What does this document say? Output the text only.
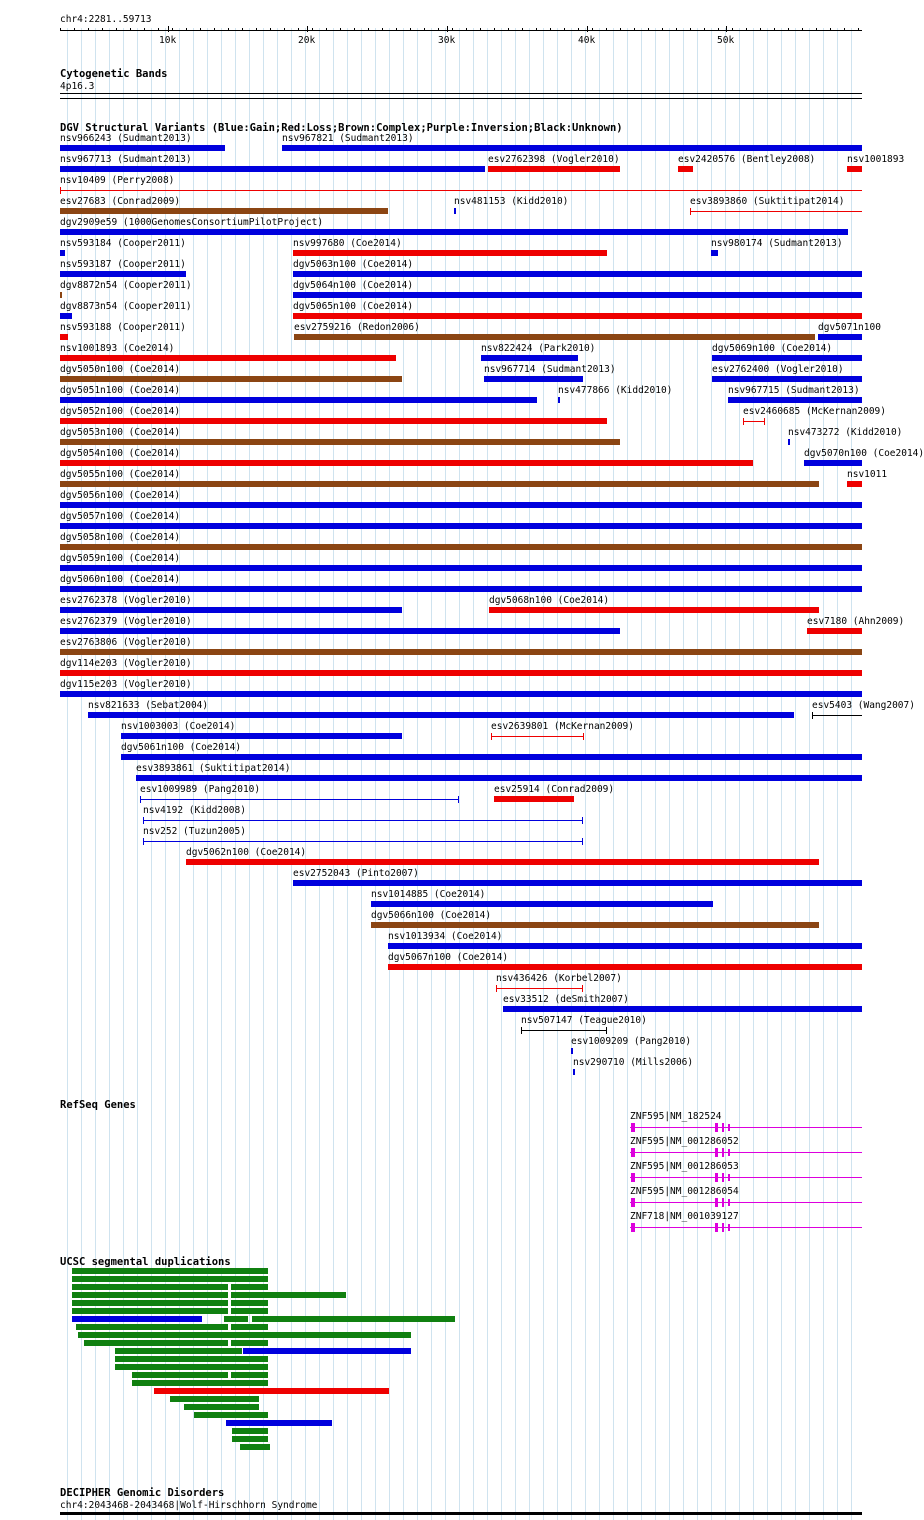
chr4:2281..59713
10k	20k	30k	40k	50k
Cytogenetic Bands
4p16.3
DGV Structural Variants (Blue:Gain;Red:Loss;Brown:Complex;Purple:Inversion;Black:Unknown)
nsv966243 (Sudmant2013)	nsv967821 (Sudmant2013)
nsv967713 (Sudmant2013)	esv2762398 (Vogler2010)	esv2420576 (Bentley2008)	nsv1001893
nsv10409 (Perry2008)
esv27683 (Conrad2009)	nsv481153 (Kidd2010)	esv3893860 (Suktitipat2014)
dgv2909e59 (1000GenomesConsortiumPilotProject)
nsv593184 (Cooper2011)	nsv997680 (Coe2014)	nsv980174 (Sudmant2013)
nsv593187 (Cooper2011)	dgv5063n100 (Coe2014)
dgv8872n54 (Cooper2011)	dgv5064n100 (Coe2014)
dgv8873n54 (Cooper2011)	dgv5065n100 (Coe2014)
nsv593188 (Cooper2011)	esv2759216 (Redon2006)	dgv5071n100
nsv1001893 (Coe2014)	nsv822424 (Park2010)	dgv5069n100 (Coe2014)
dgv5050n100 (Coe2014)	nsv967714 (Sudmant2013)	esv2762400 (Vogler2010)
dgv5051n100 (Coe2014)	nsv477866 (Kidd2010)	nsv967715 (Sudmant2013)
dgv5052n100 (Coe2014)	esv2460685 (McKernan2009)
dgv5053n100 (Coe2014)	nsv473272 (Kidd2010)
dgv5054n100 (Coe2014)	dgv5070n100 (Coe2014)
dgv5055n100 (Coe2014)	nsv1011
dgv5056n100 (Coe2014)
dgv5057n100 (Coe2014)
dgv5058n100 (Coe2014)
dgv5059n100 (Coe2014)
dgv5060n100 (Coe2014)
esv2762378 (Vogler2010)	dgv5068n100 (Coe2014)
esv2762379 (Vogler2010)	esv7180 (Ahn2009)
esv2763806 (Vogler2010)
dgv114e203 (Vogler2010)
dgv115e203 (Vogler2010)
nsv821633 (Sebat2004)	esv5403 (Wang2007)
nsv1003003 (Coe2014)	esv2639801 (McKernan2009)
dgv5061n100 (Coe2014)
esv3893861 (Suktitipat2014)
esv1009989 (Pang2010)	esv25914 (Conrad2009)
nsv4192 (Kidd2008)
nsv252 (Tuzun2005)
dgv5062n100 (Coe2014)
esv2752043 (Pinto2007)
nsv1014885 (Coe2014)
dgv5066n100 (Coe2014)
nsv1013934 (Coe2014)
dgv5067n100 (Coe2014)
nsv436426 (Korbel2007)
esv33512 (deSmith2007)
nsv507147 (Teague2010)
esv1009209 (Pang2010)
nsv290710 (Mills2006)
RefSeq Genes
ZNF595|NM_182524
ZNF595|NM_001286052
ZNF595|NM_001286053
ZNF595|NM_001286054
ZNF718|NM_001039127
UCSC segmental duplications
DECIPHER Genomic Disorders
chr4:2043468-2043468|Wolf-Hirschhorn Syndrome
